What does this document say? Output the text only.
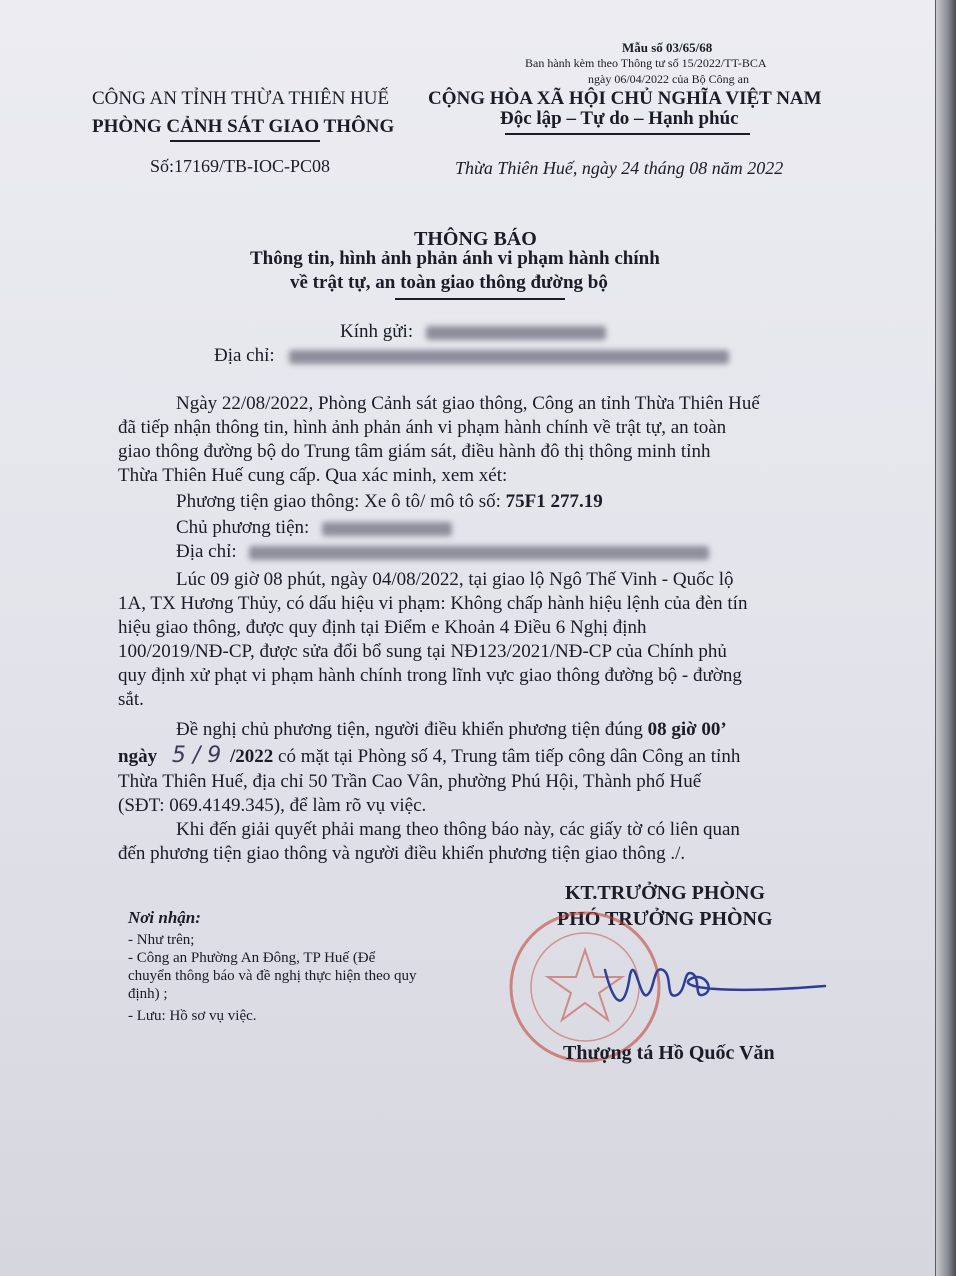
Mẫu số 03/65/68
Ban hành kèm theo Thông tư số 15/2022/TT-BCA
ngày 06/04/2022 của Bộ Công an
CÔNG AN TỈNH THỪA THIÊN HUẾ
PHÒNG CẢNH SÁT GIAO THÔNG
Số:17169/TB-IOC-PC08
CỘNG HÒA XÃ HỘI CHỦ NGHĨA VIỆT NAM
Độc lập – Tự do – Hạnh phúc
Thừa Thiên Huế, ngày 24 tháng 08 năm 2022
THÔNG BÁO
Thông tin, hình ảnh phản ánh vi phạm hành chính
về trật tự, an toàn giao thông đường bộ
Kính gửi:
Địa chỉ:
Ngày 22/08/2022, Phòng Cảnh sát giao thông, Công an tỉnh Thừa Thiên Huế
đã tiếp nhận thông tin, hình ảnh phản ánh vi phạm hành chính về trật tự, an toàn
giao thông đường bộ do Trung tâm giám sát, điều hành đô thị thông minh tỉnh
Thừa Thiên Huế cung cấp. Qua xác minh, xem xét:
Phương tiện giao thông: Xe ô tô/ mô tô số: 75F1 277.19
Chủ phương tiện:
Địa chỉ:
Lúc 09 giờ 08 phút, ngày 04/08/2022, tại giao lộ Ngô Thế Vinh - Quốc lộ
1A, TX Hương Thủy, có dấu hiệu vi phạm: Không chấp hành hiệu lệnh của đèn tín
hiệu giao thông, được quy định tại Điểm e Khoản 4 Điều 6 Nghị định
100/2019/NĐ-CP, được sửa đổi bổ sung tại NĐ123/2021/NĐ-CP của Chính phủ
quy định xử phạt vi phạm hành chính trong lĩnh vực giao thông đường bộ - đường
sắt.
Đề nghị chủ phương tiện, người điều khiển phương tiện đúng 08 giờ 00’
ngày 5 / 9 /2022 có mặt tại Phòng số 4, Trung tâm tiếp công dân Công an tỉnh
Thừa Thiên Huế, địa chỉ 50 Trần Cao Vân, phường Phú Hội, Thành phố Huế
(SĐT: 069.4149.345), để làm rõ vụ việc.
Khi đến giải quyết phải mang theo thông báo này, các giấy tờ có liên quan
đến phương tiện giao thông và người điều khiển phương tiện giao thông ./.
Nơi nhận:
- Như trên;
- Công an Phường An Đông, TP Huế (Để
chuyển thông báo và đề nghị thực hiện theo quy
định) ;
- Lưu: Hồ sơ vụ việc.
KT.TRƯỞNG PHÒNG
PHÓ TRƯỞNG PHÒNG
Thượng tá Hồ Quốc Văn
